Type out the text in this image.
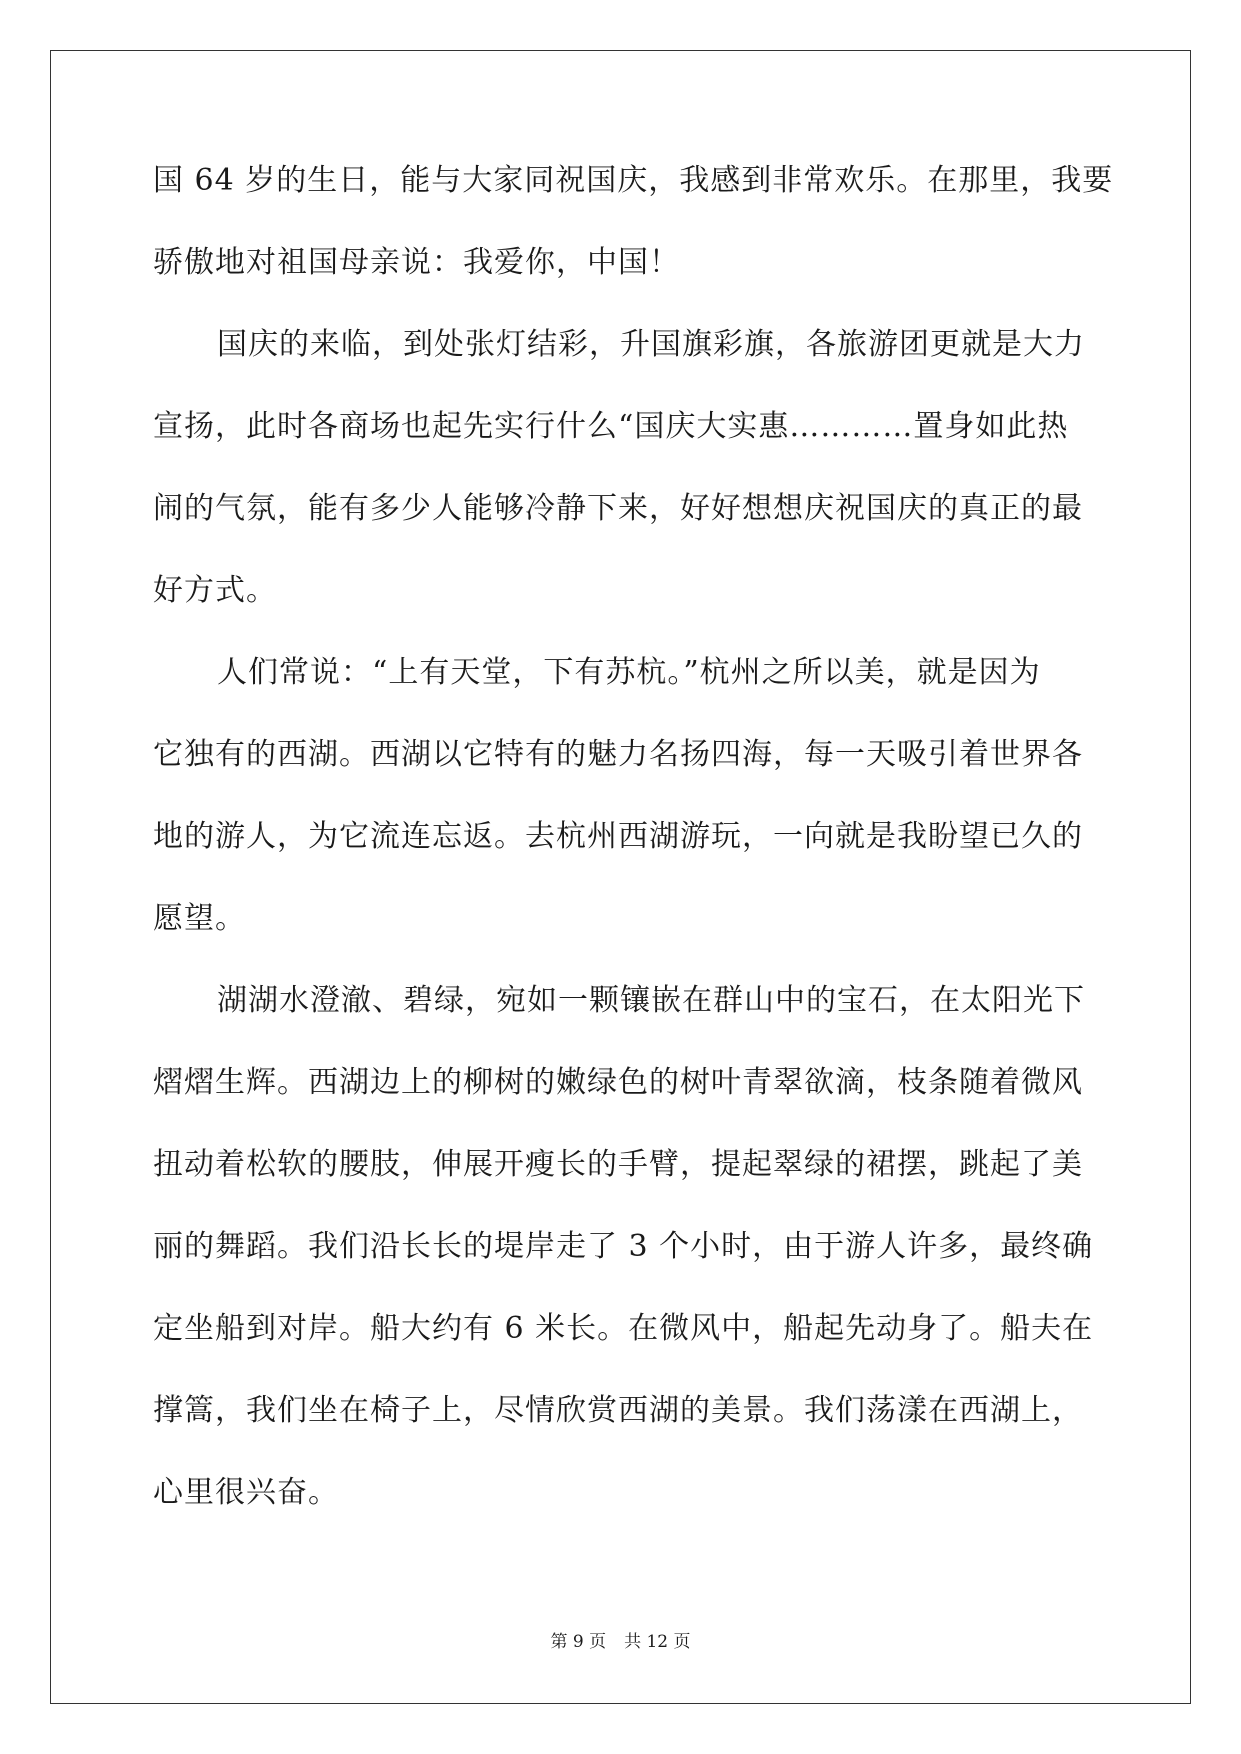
国 64 岁的生日，能与大家同祝国庆，我感到非常欢乐。在那里，我要
骄傲地对祖国母亲说：我爱你，中国！
国庆的来临，到处张灯结彩，升国旗彩旗，各旅游团更就是大力
宣扬，此时各商场也起先实行什么“国庆大实惠…………置身如此热
闹的气氛，能有多少人能够冷静下来，好好想想庆祝国庆的真正的最
好方式。
人们常说：“上有天堂，下有苏杭。”杭州之所以美，就是因为
它独有的西湖。西湖以它特有的魅力名扬四海，每一天吸引着世界各
地的游人，为它流连忘返。去杭州西湖游玩，一向就是我盼望已久的
愿望。
湖湖水澄澈、碧绿，宛如一颗镶嵌在群山中的宝石，在太阳光下
熠熠生辉。西湖边上的柳树的嫩绿色的树叶青翠欲滴，枝条随着微风
扭动着松软的腰肢，伸展开瘦长的手臂，提起翠绿的裙摆，跳起了美
丽的舞蹈。我们沿长长的堤岸走了 3 个小时，由于游人许多，最终确
定坐船到对岸。船大约有 6 米长。在微风中，船起先动身了。船夫在
撑篙，我们坐在椅子上，尽情欣赏西湖的美景。我们荡漾在西湖上，
心里很兴奋。
第 9 页 共 12 页
